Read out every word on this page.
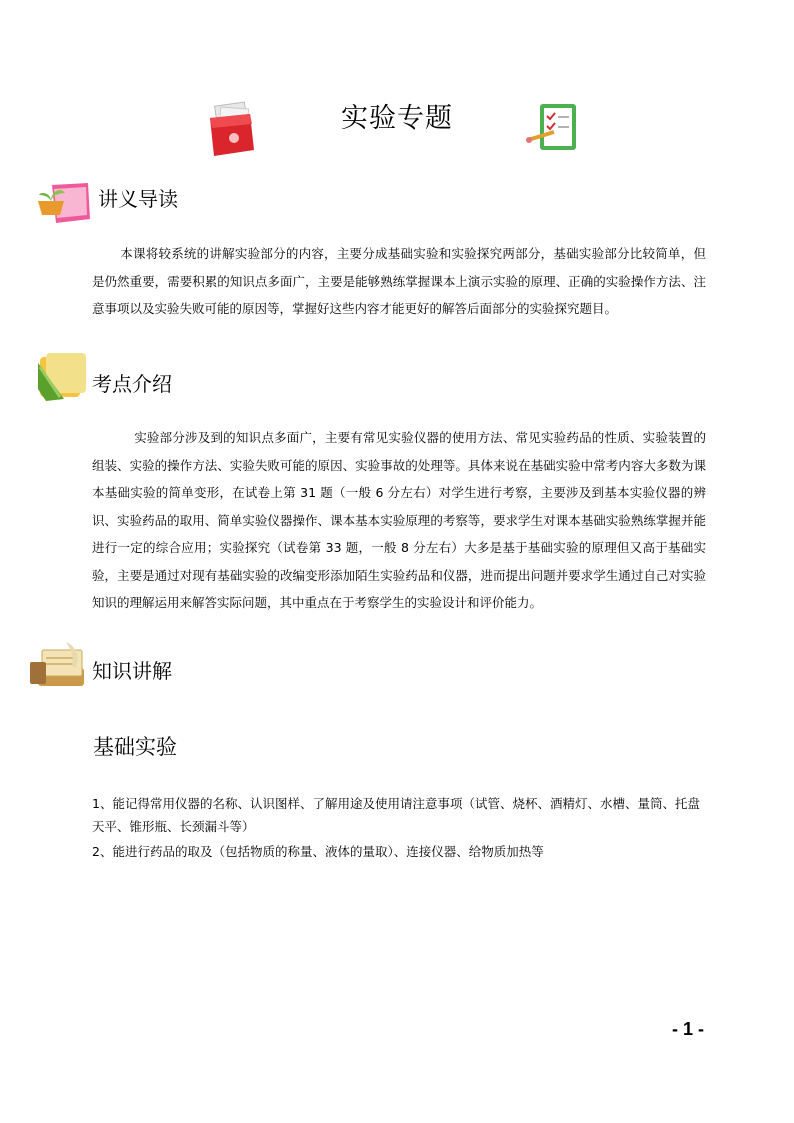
实验专题
讲义导读
本课将较系统的讲解实验部分的内容，主要分成基础实验和实验探究两部分，基础实验部分比较简单，但是仍然重要，需要积累的知识点多面广，主要是能够熟练掌握课本上演示实验的原理、正确的实验操作方法、注意事项以及实验失败可能的原因等，掌握好这些内容才能更好的解答后面部分的实验探究题目。
考点介绍
实验部分涉及到的知识点多面广，主要有常见实验仪器的使用方法、常见实验药品的性质、实验装置的组装、实验的操作方法、实验失败可能的原因、实验事故的处理等。具体来说在基础实验中常考内容大多数为课本基础实验的简单变形，在试卷上第 31 题（一般 6 分左右）对学生进行考察，主要涉及到基本实验仪器的辨识、实验药品的取用、简单实验仪器操作、课本基本实验原理的考察等，要求学生对课本基础实验熟练掌握并能进行一定的综合应用；实验探究（试卷第 33 题，一般 8 分左右）大多是基于基础实验的原理但又高于基础实验，主要是通过对现有基础实验的改编变形添加陌生实验药品和仪器，进而提出问题并要求学生通过自己对实验知识的理解运用来解答实际问题，其中重点在于考察学生的实验设计和评价能力。
知识讲解
基础实验
1、能记得常用仪器的名称、认识图样、了解用途及使用请注意事项（试管、烧杯、酒精灯、水槽、量筒、托盘天平、锥形瓶、长颈漏斗等）
2、能进行药品的取及（包括物质的称量、液体的量取）、连接仪器、给物质加热等
- 1 -
